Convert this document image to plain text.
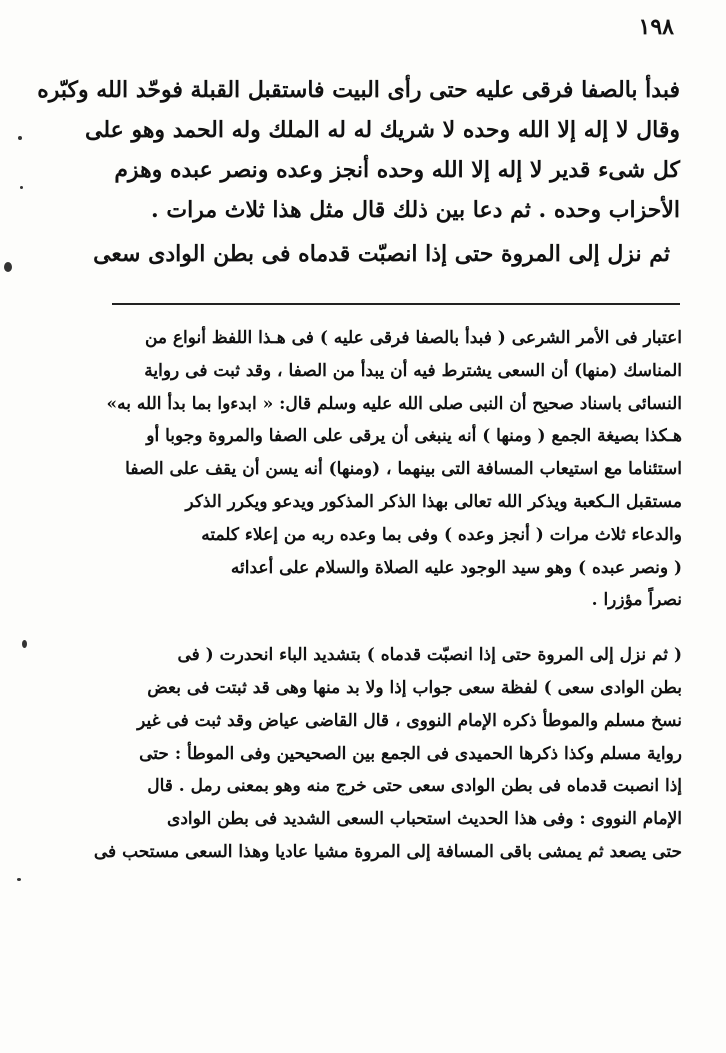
١٩٨
فبدأ بالصفا فرقى عليه حتى رأى البيت فاستقبل القبلة فوحّد الله وكبّره
وقال لا إله إلا الله وحده لا شريك له له الملك وله الحمد وهو على
كل شىء قدير لا إله إلا الله وحده أنجز وعده ونصر عبده وهزم
الأحزاب وحده . ثم دعا بين ذلك قال مثل هذا ثلاث مرات .
ثم نزل إلى المروة حتى إذا انصبّت قدماه فى بطن الوادى سعى
اعتبار فى الأمر الشرعى ( فبدأ بالصفا فرقى عليه ) فى هـذا اللفظ أنواع من
المناسك (منها) أن السعى يشترط فيه أن يبدأ من الصفا ، وقد ثبت فى رواية
النسائى باسناد صحيح أن النبى صلى الله عليه وسلم قال: « ابدءوا بما بدأ الله به»
هـكذا بصيغة الجمع ( ومنها ) أنه ينبغى أن يرقى على الصفا والمروة وجوبا أو
استئناما مع استيعاب المسافة التى بينهما ، (ومنها) أنه يسن أن يقف على الصفا
مستقبل الـكعبة ويذكر الله تعالى بهذا الذكر المذكور ويدعو ويكرر الذكر
والدعاء ثلاث مرات ( أنجز وعده ) وفى بما وعده ربه من إعلاء كلمته
( ونصر عبده ) وهو سيد الوجود عليه الصلاة والسلام على أعدائه
نصراً مؤزرا .
( ثم نزل إلى المروة حتى إذا انصبّت قدماه ) بتشديد الباء انحدرت ( فى
بطن الوادى سعى ) لفظة سعى جواب إذا ولا بد منها وهى قد ثبتت فى بعض
نسخ مسلم والموطأ ذكره الإمام النووى ، قال القاضى عياض وقد ثبت فى غير
رواية مسلم وكذا ذكرها الحميدى فى الجمع بين الصحيحين وفى الموطأ : حتى
إذا انصبت قدماه فى بطن الوادى سعى حتى خرج منه وهو بمعنى رمل . قال
الإمام النووى : وفى هذا الحديث استحباب السعى الشديد فى بطن الوادى
حتى يصعد ثم يمشى باقى المسافة إلى المروة مشيا عاديا وهذا السعى مستحب فى
